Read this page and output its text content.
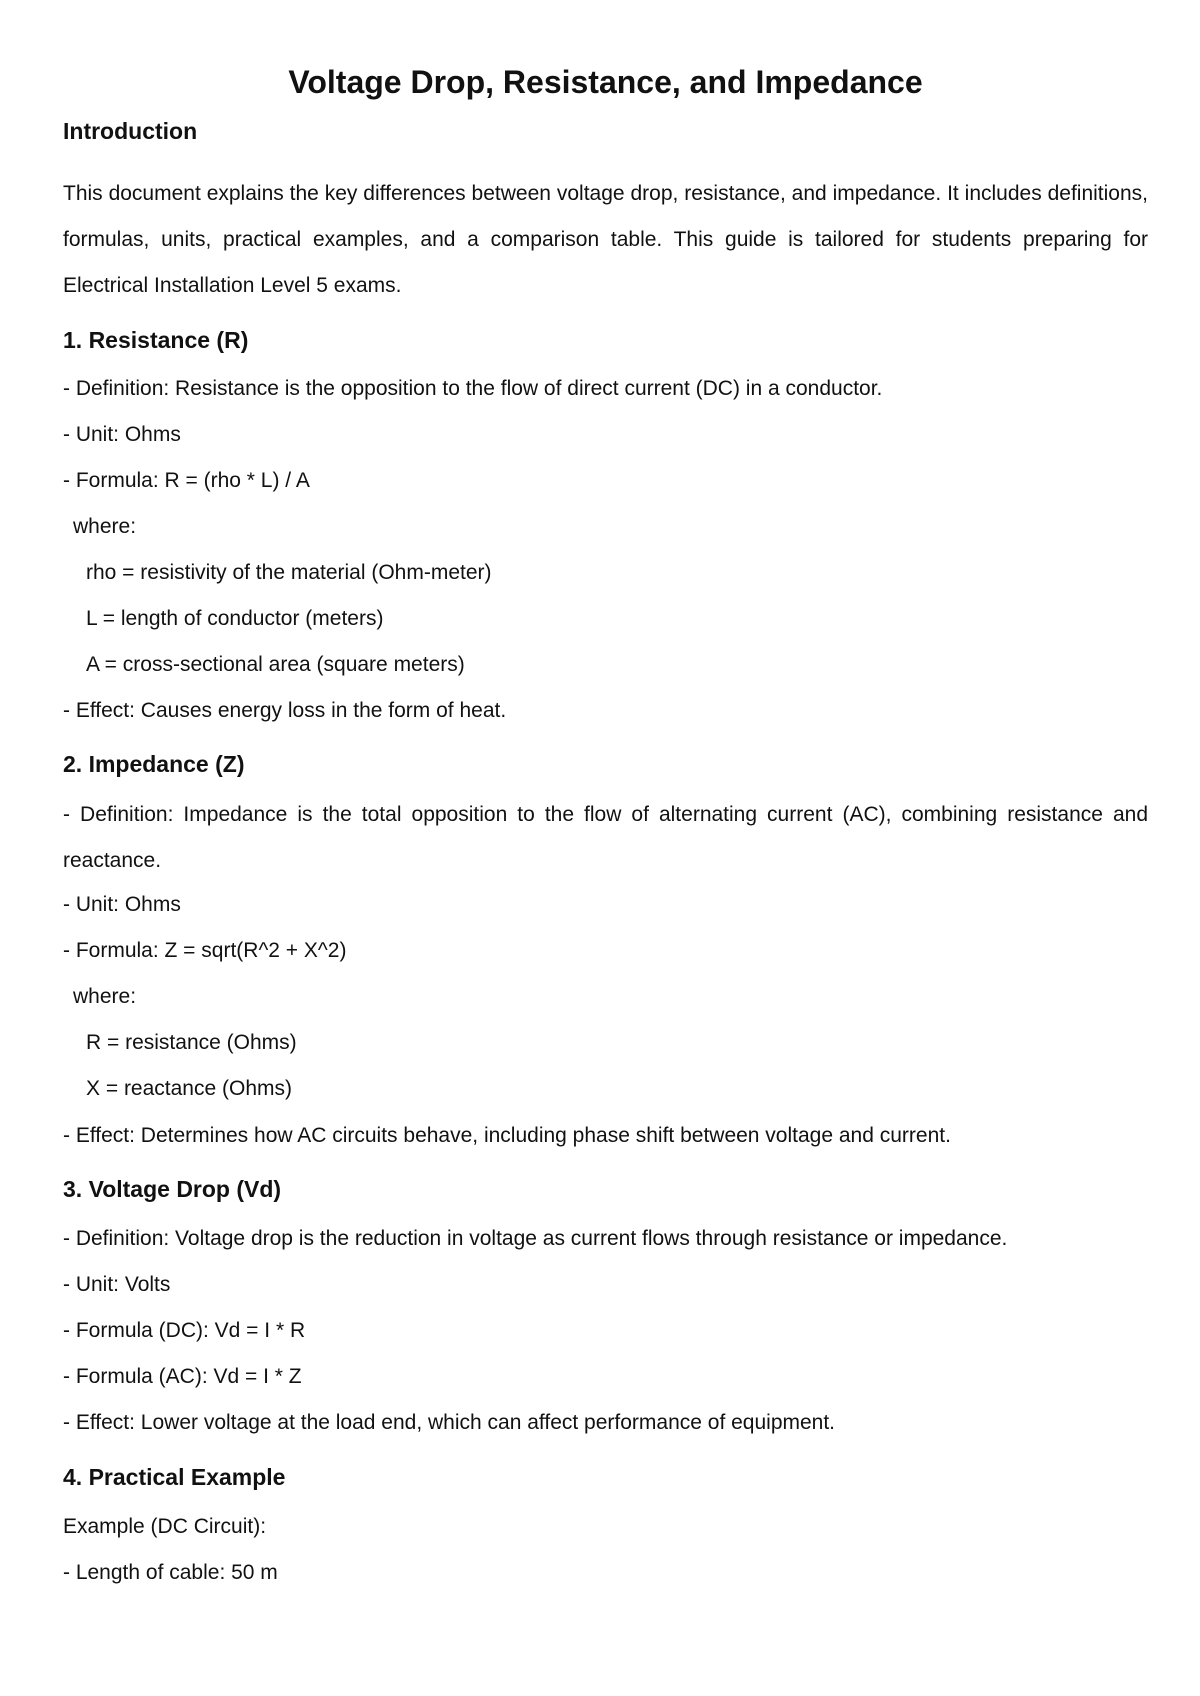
Voltage Drop, Resistance, and Impedance
Introduction

This document explains the key differences between voltage drop, resistance, and impedance. It includes definitions, formulas, units, practical examples, and a comparison table. This guide is tailored for students preparing for Electrical Installation Level 5 exams.

1. Resistance (R)

- Definition: Resistance is the opposition to the flow of direct current (DC) in a conductor.

- Unit: Ohms

- Formula: R = (rho * L) / A

where:

rho = resistivity of the material (Ohm-meter)

L = length of conductor (meters)

A = cross-sectional area (square meters)

- Effect: Causes energy loss in the form of heat.

2. Impedance (Z)

- Definition: Impedance is the total opposition to the flow of alternating current (AC), combining resistance and reactance.

- Unit: Ohms

- Formula: Z = sqrt(R^2 + X^2)

where:

R = resistance (Ohms)

X = reactance (Ohms)

- Effect: Determines how AC circuits behave, including phase shift between voltage and current.

3. Voltage Drop (Vd)

- Definition: Voltage drop is the reduction in voltage as current flows through resistance or impedance.

- Unit: Volts

- Formula (DC): Vd = I * R

- Formula (AC): Vd = I * Z

- Effect: Lower voltage at the load end, which can affect performance of equipment.

4. Practical Example

Example (DC Circuit):

- Length of cable: 50 m
